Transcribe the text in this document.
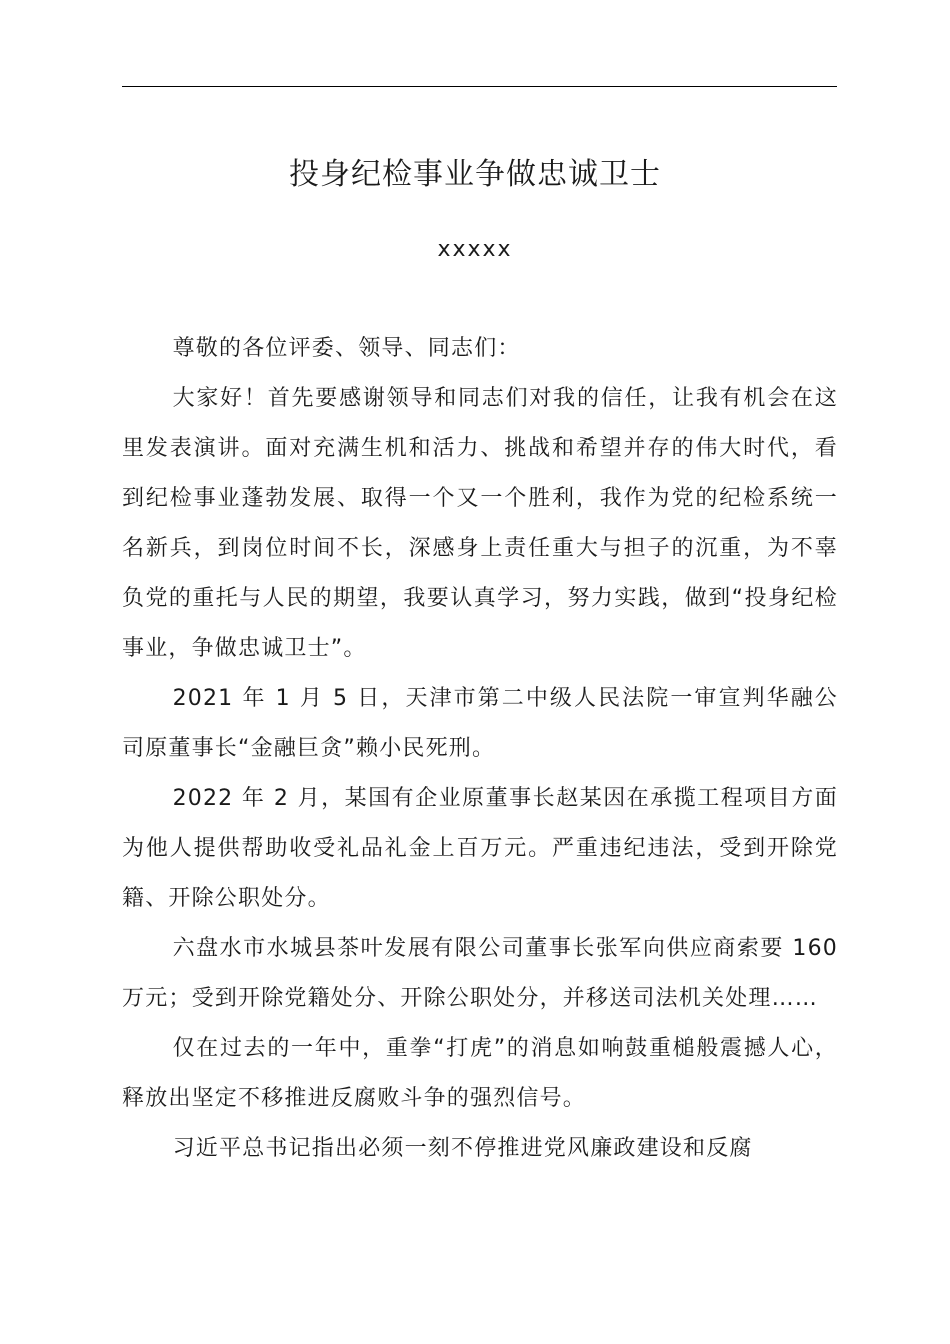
投身纪检事业争做忠诚卫士
xxxxx

尊敬的各位评委、领导、同志们：

大家好！首先要感谢领导和同志们对我的信任，让我有机会在这里发表演讲。面对充满生机和活力、挑战和希望并存的伟大时代，看到纪检事业蓬勃发展、取得一个又一个胜利，我作为党的纪检系统一名新兵，到岗位时间不长，深感身上责任重大与担子的沉重，为不辜负党的重托与人民的期望，我要认真学习，努力实践，做到“投身纪检事业，争做忠诚卫士”。

2021 年 1 月 5 日，天津市第二中级人民法院一审宣判华融公司原董事长“金融巨贪”赖小民死刑。

2022 年 2 月，某国有企业原董事长赵某因在承揽工程项目方面为他人提供帮助收受礼品礼金上百万元。严重违纪违法，受到开除党籍、开除公职处分。

六盘水市水城县茶叶发展有限公司董事长张军向供应商索要 160 万元；受到开除党籍处分、开除公职处分，并移送司法机关处理……

仅在过去的一年中，重拳“打虎”的消息如响鼓重槌般震撼人心，释放出坚定不移推进反腐败斗争的强烈信号。

习近平总书记指出必须一刻不停推进党风廉政建设和反腐
